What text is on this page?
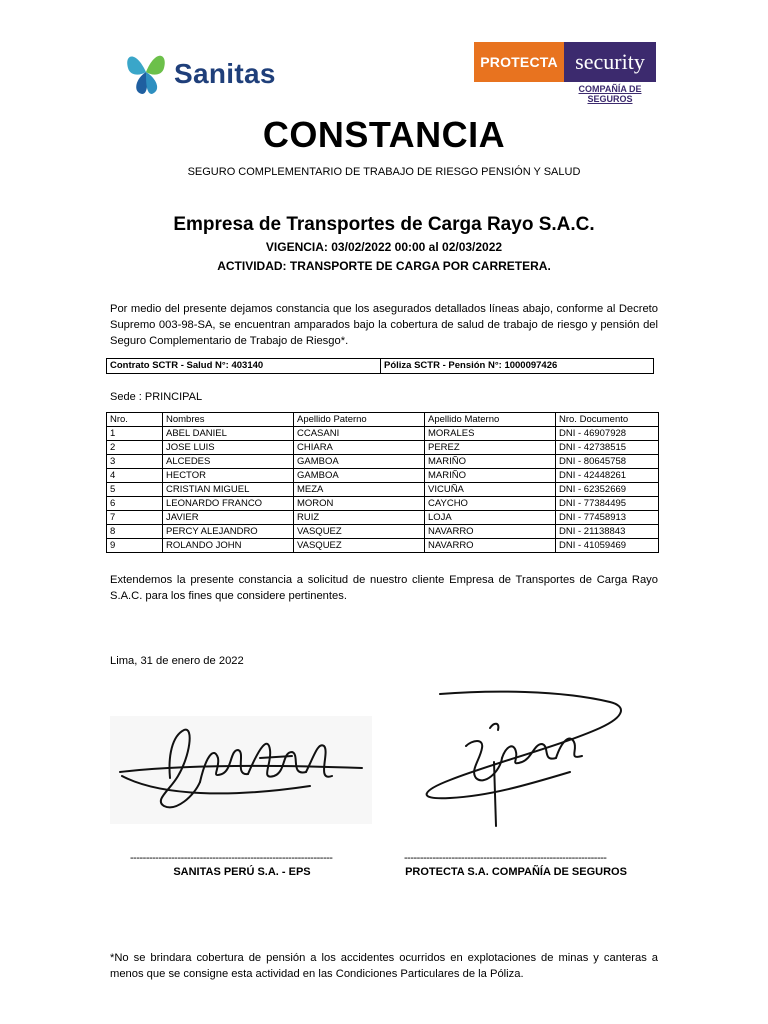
Sanitas	PROTECTA security
COMPAÑÍA DE SEGUROS
CONSTANCIA
SEGURO COMPLEMENTARIO DE TRABAJO DE RIESGO PENSIÓN Y SALUD
Empresa de Transportes de Carga Rayo S.A.C.
VIGENCIA: 03/02/2022 00:00 al 02/03/2022
ACTIVIDAD: TRANSPORTE DE CARGA POR CARRETERA.
Por medio del presente dejamos constancia que los asegurados detallados líneas abajo, conforme al Decreto Supremo 003-98-SA, se encuentran amparados bajo la cobertura de salud de trabajo de riesgo y pensión del Seguro Complementario de Trabajo de Riesgo*.
Contrato SCTR - Salud N°: 403140	Póliza SCTR - Pensión N°: 1000097426
Sede : PRINCIPAL
Nro.	Nombres	Apellido Paterno	Apellido Materno	Nro. Documento
1	ABEL DANIEL	CCASANI	MORALES	DNI - 46907928
2	JOSE LUIS	CHIARA	PEREZ	DNI - 42738515
3	ALCEDES	GAMBOA	MARIÑO	DNI - 80645758
4	HECTOR	GAMBOA	MARIÑO	DNI - 42448261
5	CRISTIAN MIGUEL	MEZA	VICUÑA	DNI - 62352669
6	LEONARDO FRANCO	MORON	CAYCHO	DNI - 77384495
7	JAVIER	RUIZ	LOJA	DNI - 77458913
8	PERCY ALEJANDRO	VASQUEZ	NAVARRO	DNI - 21138843
9	ROLANDO JOHN	VASQUEZ	NAVARRO	DNI - 41059469
Extendemos la presente constancia a solicitud de nuestro cliente Empresa de Transportes de Carga Rayo S.A.C. para los fines que considere pertinentes.
Lima, 31 de enero de 2022
----------------------------------------------------------------	----------------------------------------------------------------
SANITAS PERÚ S.A. - EPS	PROTECTA S.A. COMPAÑÍA DE SEGUROS
*No se brindara cobertura de pensión a los accidentes ocurridos en explotaciones de minas y canteras a menos que se consigne esta actividad en las Condiciones Particulares de la Póliza.
